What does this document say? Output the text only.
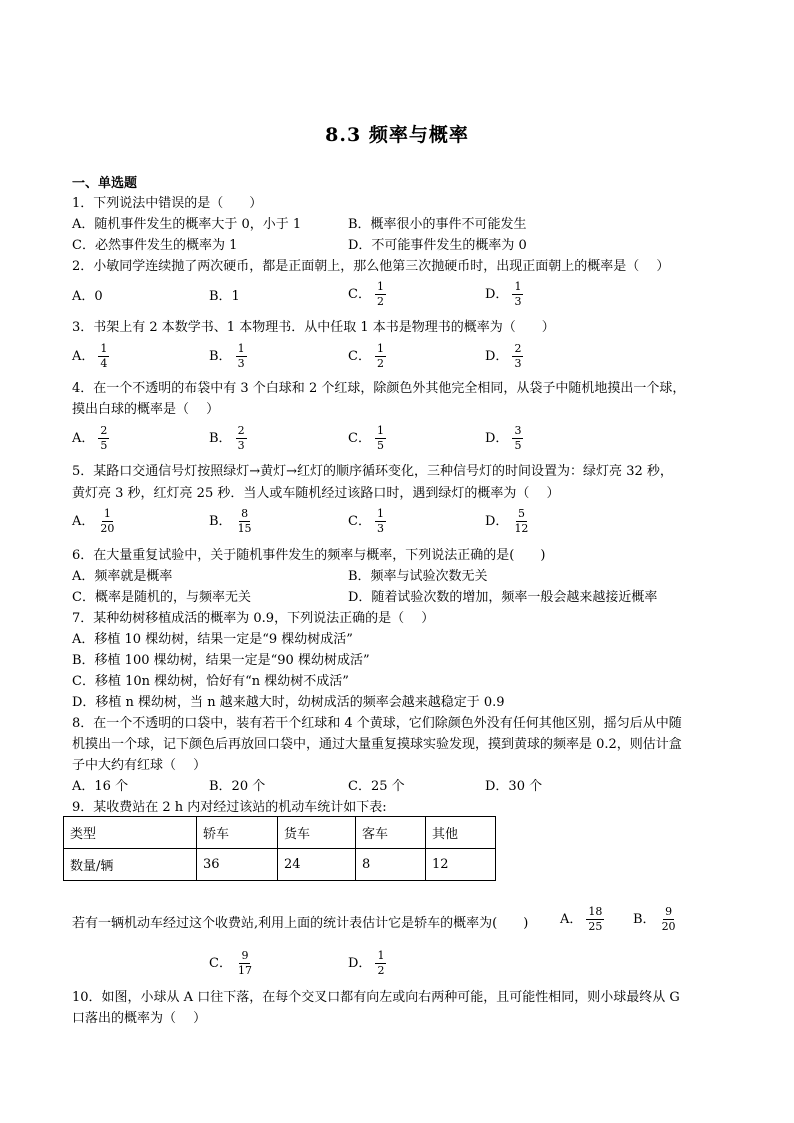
8.3 频率与概率
一、单选题
1．下列说法中错误的是（　　）
A．随机事件发生的概率大于 0，小于 1	B．概率很小的事件不可能发生
C．必然事件发生的概率为 1	D．不可能事件发生的概率为 0
2．小敏同学连续抛了两次硬币，都是正面朝上，那么他第三次抛硬币时，出现正面朝上的概率是（　 ）
A．0	B．1	C． $\frac{1}{2}$	D． $\frac{1}{3}$
3．书架上有 2 本数学书、1 本物理书．从中任取 1 本书是物理书的概率为（　　）
A． $\frac{1}{4}$	B． $\frac{1}{3}$	C． $\frac{1}{2}$	D． $\frac{2}{3}$
4．在一个不透明的布袋中有 3 个白球和 2 个红球，除颜色外其他完全相同，从袋子中随机地摸出一个球，
摸出白球的概率是（　 ）
A． $\frac{2}{5}$	B． $\frac{2}{3}$	C． $\frac{1}{5}$	D． $\frac{3}{5}$
5．某路口交通信号灯按照绿灯→黄灯→红灯的顺序循环变化，三种信号灯的时间设置为：绿灯亮 32 秒，
黄灯亮 3 秒，红灯亮 25 秒．当人或车随机经过该路口时，遇到绿灯的概率为（　 ）
A． $\frac{1}{20}$	B． $\frac{8}{15}$	C． $\frac{1}{3}$	D． $\frac{5}{12}$
6．在大量重复试验中，关于随机事件发生的频率与概率，下列说法正确的是(　　)
A．频率就是概率	B．频率与试验次数无关
C．概率是随机的，与频率无关	D．随着试验次数的增加，频率一般会越来越接近概率
7．某种幼树移植成活的概率为 0.9，下列说法正确的是（　 ）
A．移植 10 棵幼树，结果一定是“9 棵幼树成活”
B．移植 100 棵幼树，结果一定是“90 棵幼树成活”
C．移植 10n 棵幼树，恰好有“n 棵幼树不成活”
D．移植 n 棵幼树，当 n 越来越大时，幼树成活的频率会越来越稳定于 0.9
8．在一个不透明的口袋中，装有若干个红球和 4 个黄球，它们除颜色外没有任何其他区别，摇匀后从中随
机摸出一个球，记下颜色后再放回口袋中，通过大量重复摸球实验发现，摸到黄球的频率是 0.2，则估计盒
子中大约有红球（　 ）
A．16 个	B．20 个	C．25 个	D．30 个
9．某收费站在 2 h 内对经过该站的机动车统计如下表:
类型	轿车	货车	客车	其他
数量/辆	36	24	8	12
若有一辆机动车经过这个收费站,利用上面的统计表估计它是轿车的概率为(　　) A． $\frac{18}{25}$ B． $\frac{9}{20}$
C． $\frac{9}{17}$	D． $\frac{1}{2}$
10．如图，小球从 A 口往下落，在每个交叉口都有向左或向右两种可能，且可能性相同，则小球最终从 G
口落出的概率为（　 ）
